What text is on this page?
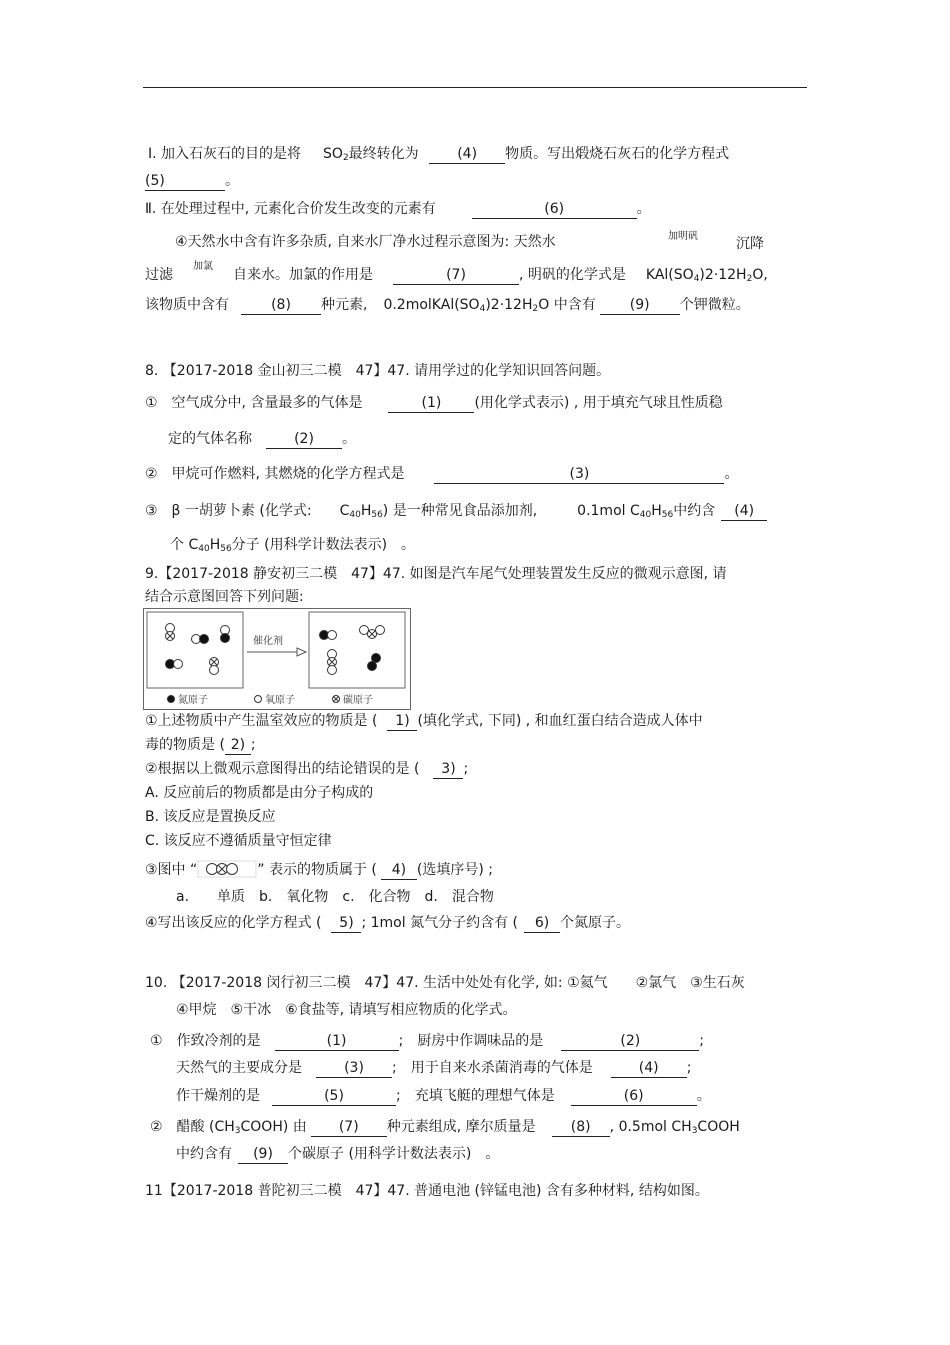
Ⅰ. 加入石灰石的目的是将 $SO_2$最终转化为	(4) 物质。写出煅烧石灰石的化学方程式
(5)	。
Ⅱ. 在处理过程中, 元素化合价发生改变的元素有	(6)	。
④天然水中含有许多杂质, 自来水厂净水过程示意图为: 天然水	加明矾	沉降
过滤
加氯
自来水。加氯的作用是	(7)	, 明矾的化学式是 $KAl(SO_4)2\cdot 12H_2O$,
该物质中含有	(8) 种元素, $0.2molKAl(SO_4)2\cdot 12H_2O$ 中含有 (9) 个钾微粒。
8. 【2017-2018 金山初三二模　47】47. 请用学过的化学知识回答问题。
①　空气成分中, 含量最多的气体是	(1) (用化学式表示) , 用于填充气球且性质稳
定的气体名称	(2) 。
②　甲烷可作燃料, 其燃烧的化学方程式是	(3)	。
③　β 一胡萝卜素 (化学式: $C_{40}H_{56}$) 是一种常见食品添加剂,	0.1mol $C_{40}H_{56}$中约含 (4)
个 $C_{40}H_{56}$分子 (用科学计数法表示)　。
9.【2017-2018 静安初三二模　47】47. 如图是汽车尾气处理装置发生反应的微观示意图, 请
结合示意图回答下列问题:
催化剂
氮原子	氧原子	碳原子
①上述物质中产生温室效应的物质是 ( 1) (填化学式, 下同) , 和血红蛋白结合造成人体中
毒的物质是 ( 2) ;
②根据以上微观示意图得出的结论错误的是 ( 3) ;
A. 反应前后的物质都是由分子构成的
B. 该反应是置换反应
C. 该反应不遵循质量守恒定律
③图中 “	” 表示的物质属于 ( 4) (选填序号) ;
a.　　单质　b.　氧化物　c.　化合物　d.　混合物
④写出该反应的化学方程式 ( 5) ; 1mol 氮气分子约含有 ( 6) 个氮原子。
10. 【2017-2018 闵行初三二模　47】47. 生活中处处有化学, 如: ①氦气　　②氯气　③生石灰
④甲烷　⑤干冰　⑥食盐等, 请填写相应物质的化学式。
①　作致冷剂的是	(1)	;　厨房中作调味品的是	(2)	;
天然气的主要成分是	(3) ;　用于自来水杀菌消毒的气体是	(4) ;
作干燥剂的是	(5)	;　充填飞艇的理想气体是	(6)	。
②　醋酸 $(CH_3COOH)$ 由 (7) 种元素组成, 摩尔质量是	(8) , 0.5mol $CH_3COOH$
中约含有 (9) 个碳原子 (用科学计数法表示)　。
11【2017-2018 普陀初三二模　47】47. 普通电池 (锌锰电池) 含有多种材料, 结构如图。
